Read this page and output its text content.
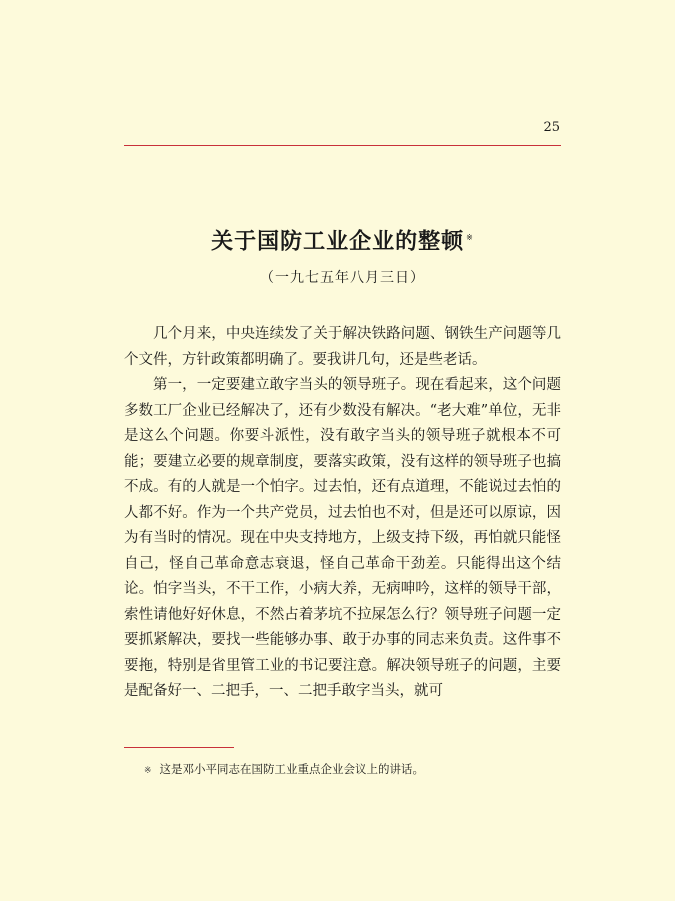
25
关于国防工业企业的整顿 ※
（一九七五年八月三日）

几个月来，中央连续发了关于解决铁路问题、钢铁生产问题等几个文件，方针政策都明确了。要我讲几句，还是些老话。

第一，一定要建立敢字当头的领导班子。现在看起来，这个问题多数工厂企业已经解决了，还有少数没有解决。“老大难”单位，无非是这么个问题。你要斗派性，没有敢字当头的领导班子就根本不可能；要建立必要的规章制度，要落实政策，没有这样的领导班子也搞不成。有的人就是一个怕字。过去怕，还有点道理，不能说过去怕的人都不好。作为一个共产党员，过去怕也不对，但是还可以原谅，因为有当时的情况。现在中央支持地方，上级支持下级，再怕就只能怪自己，怪自己革命意志衰退，怪自己革命干劲差。只能得出这个结论。怕字当头，不干工作，小病大养，无病呻吟，这样的领导干部，索性请他好好休息，不然占着茅坑不拉屎怎么行？领导班子问题一定要抓紧解决，要找一些能够办事、敢于办事的同志来负责。这件事不要拖，特别是省里管工业的书记要注意。解决领导班子的问题，主要是配备好一、二把手，一、二把手敢字当头，就可

※ 这是邓小平同志在国防工业重点企业会议上的讲话。
